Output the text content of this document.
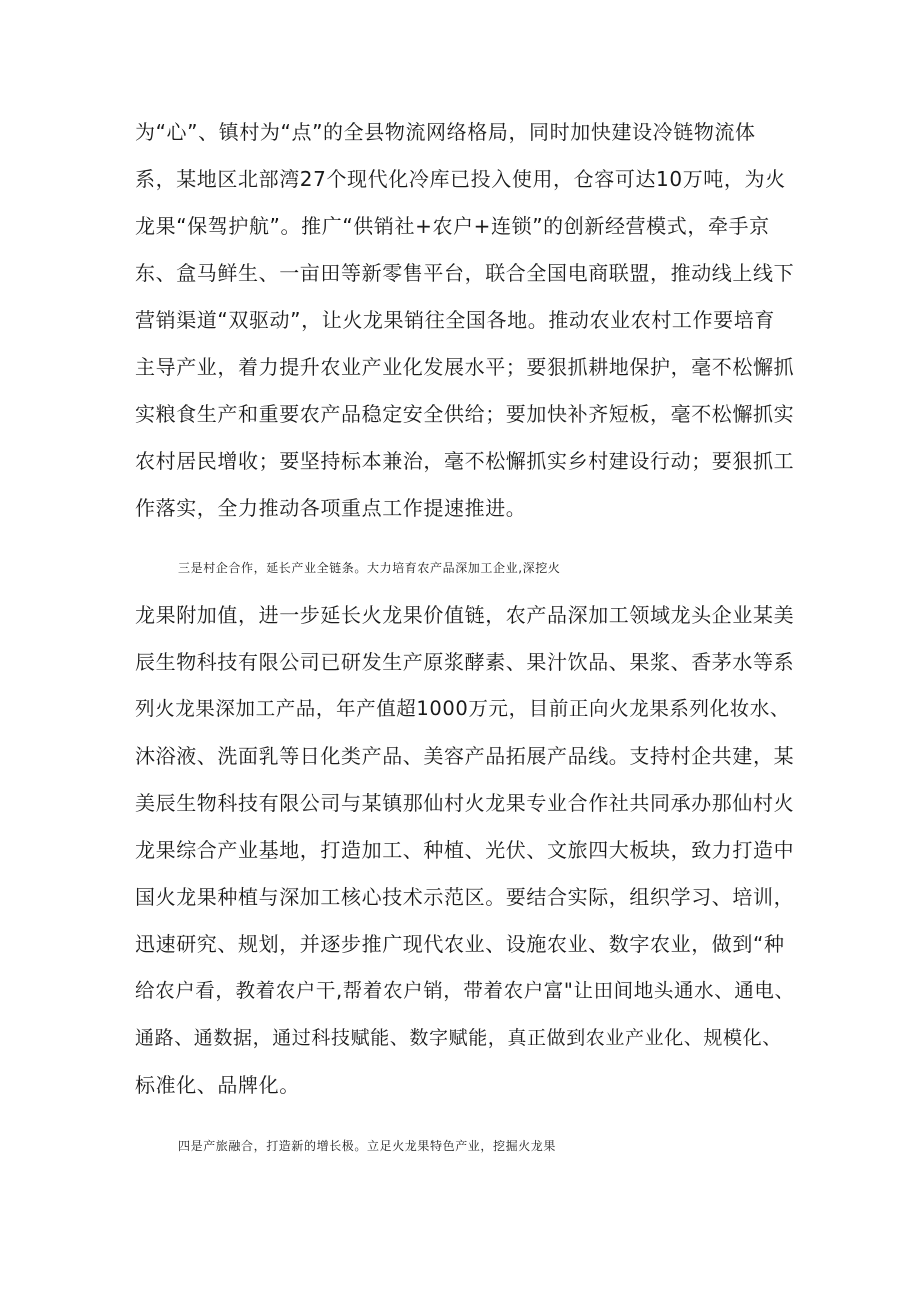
为“心”、镇村为“点”的全县物流网络格局，同时加快建设冷链物流体
系，某地区北部湾27个现代化冷库已投入使用，仓容可达10万吨，为火
龙果“保驾护航”。推广“供销社+农户+连锁”的创新经营模式，牵手京
东、盒马鲜生、一亩田等新零售平台，联合全国电商联盟，推动线上线下
营销渠道“双驱动”，让火龙果销往全国各地。推动农业农村工作要培育
主导产业，着力提升农业产业化发展水平；要狠抓耕地保护，毫不松懈抓
实粮食生产和重要农产品稳定安全供给；要加快补齐短板，毫不松懈抓实
农村居民增收；要坚持标本兼治，毫不松懈抓实乡村建设行动；要狠抓工
作落实，全力推动各项重点工作提速推进。
三是村企合作，延长产业全链条。大力培育农产品深加工企业,深挖火
龙果附加值，进一步延长火龙果价值链，农产品深加工领域龙头企业某美
辰生物科技有限公司已研发生产原浆酵素、果汁饮品、果浆、香茅水等系
列火龙果深加工产品，年产值超1000万元，目前正向火龙果系列化妆水、
沐浴液、洗面乳等日化类产品、美容产品拓展产品线。支持村企共建，某
美辰生物科技有限公司与某镇那仙村火龙果专业合作社共同承办那仙村火
龙果综合产业基地，打造加工、种植、光伏、文旅四大板块，致力打造中
国火龙果种植与深加工核心技术示范区。要结合实际，组织学习、培训，
迅速研究、规划，并逐步推广现代农业、设施农业、数字农业，做到“种
给农户看，教着农户干,帮着农户销，带着农户富"让田间地头通水、通电、
通路、通数据，通过科技赋能、数字赋能，真正做到农业产业化、规模化、
标准化、品牌化。
四是产旅融合，打造新的增长极。立足火龙果特色产业，挖掘火龙果
